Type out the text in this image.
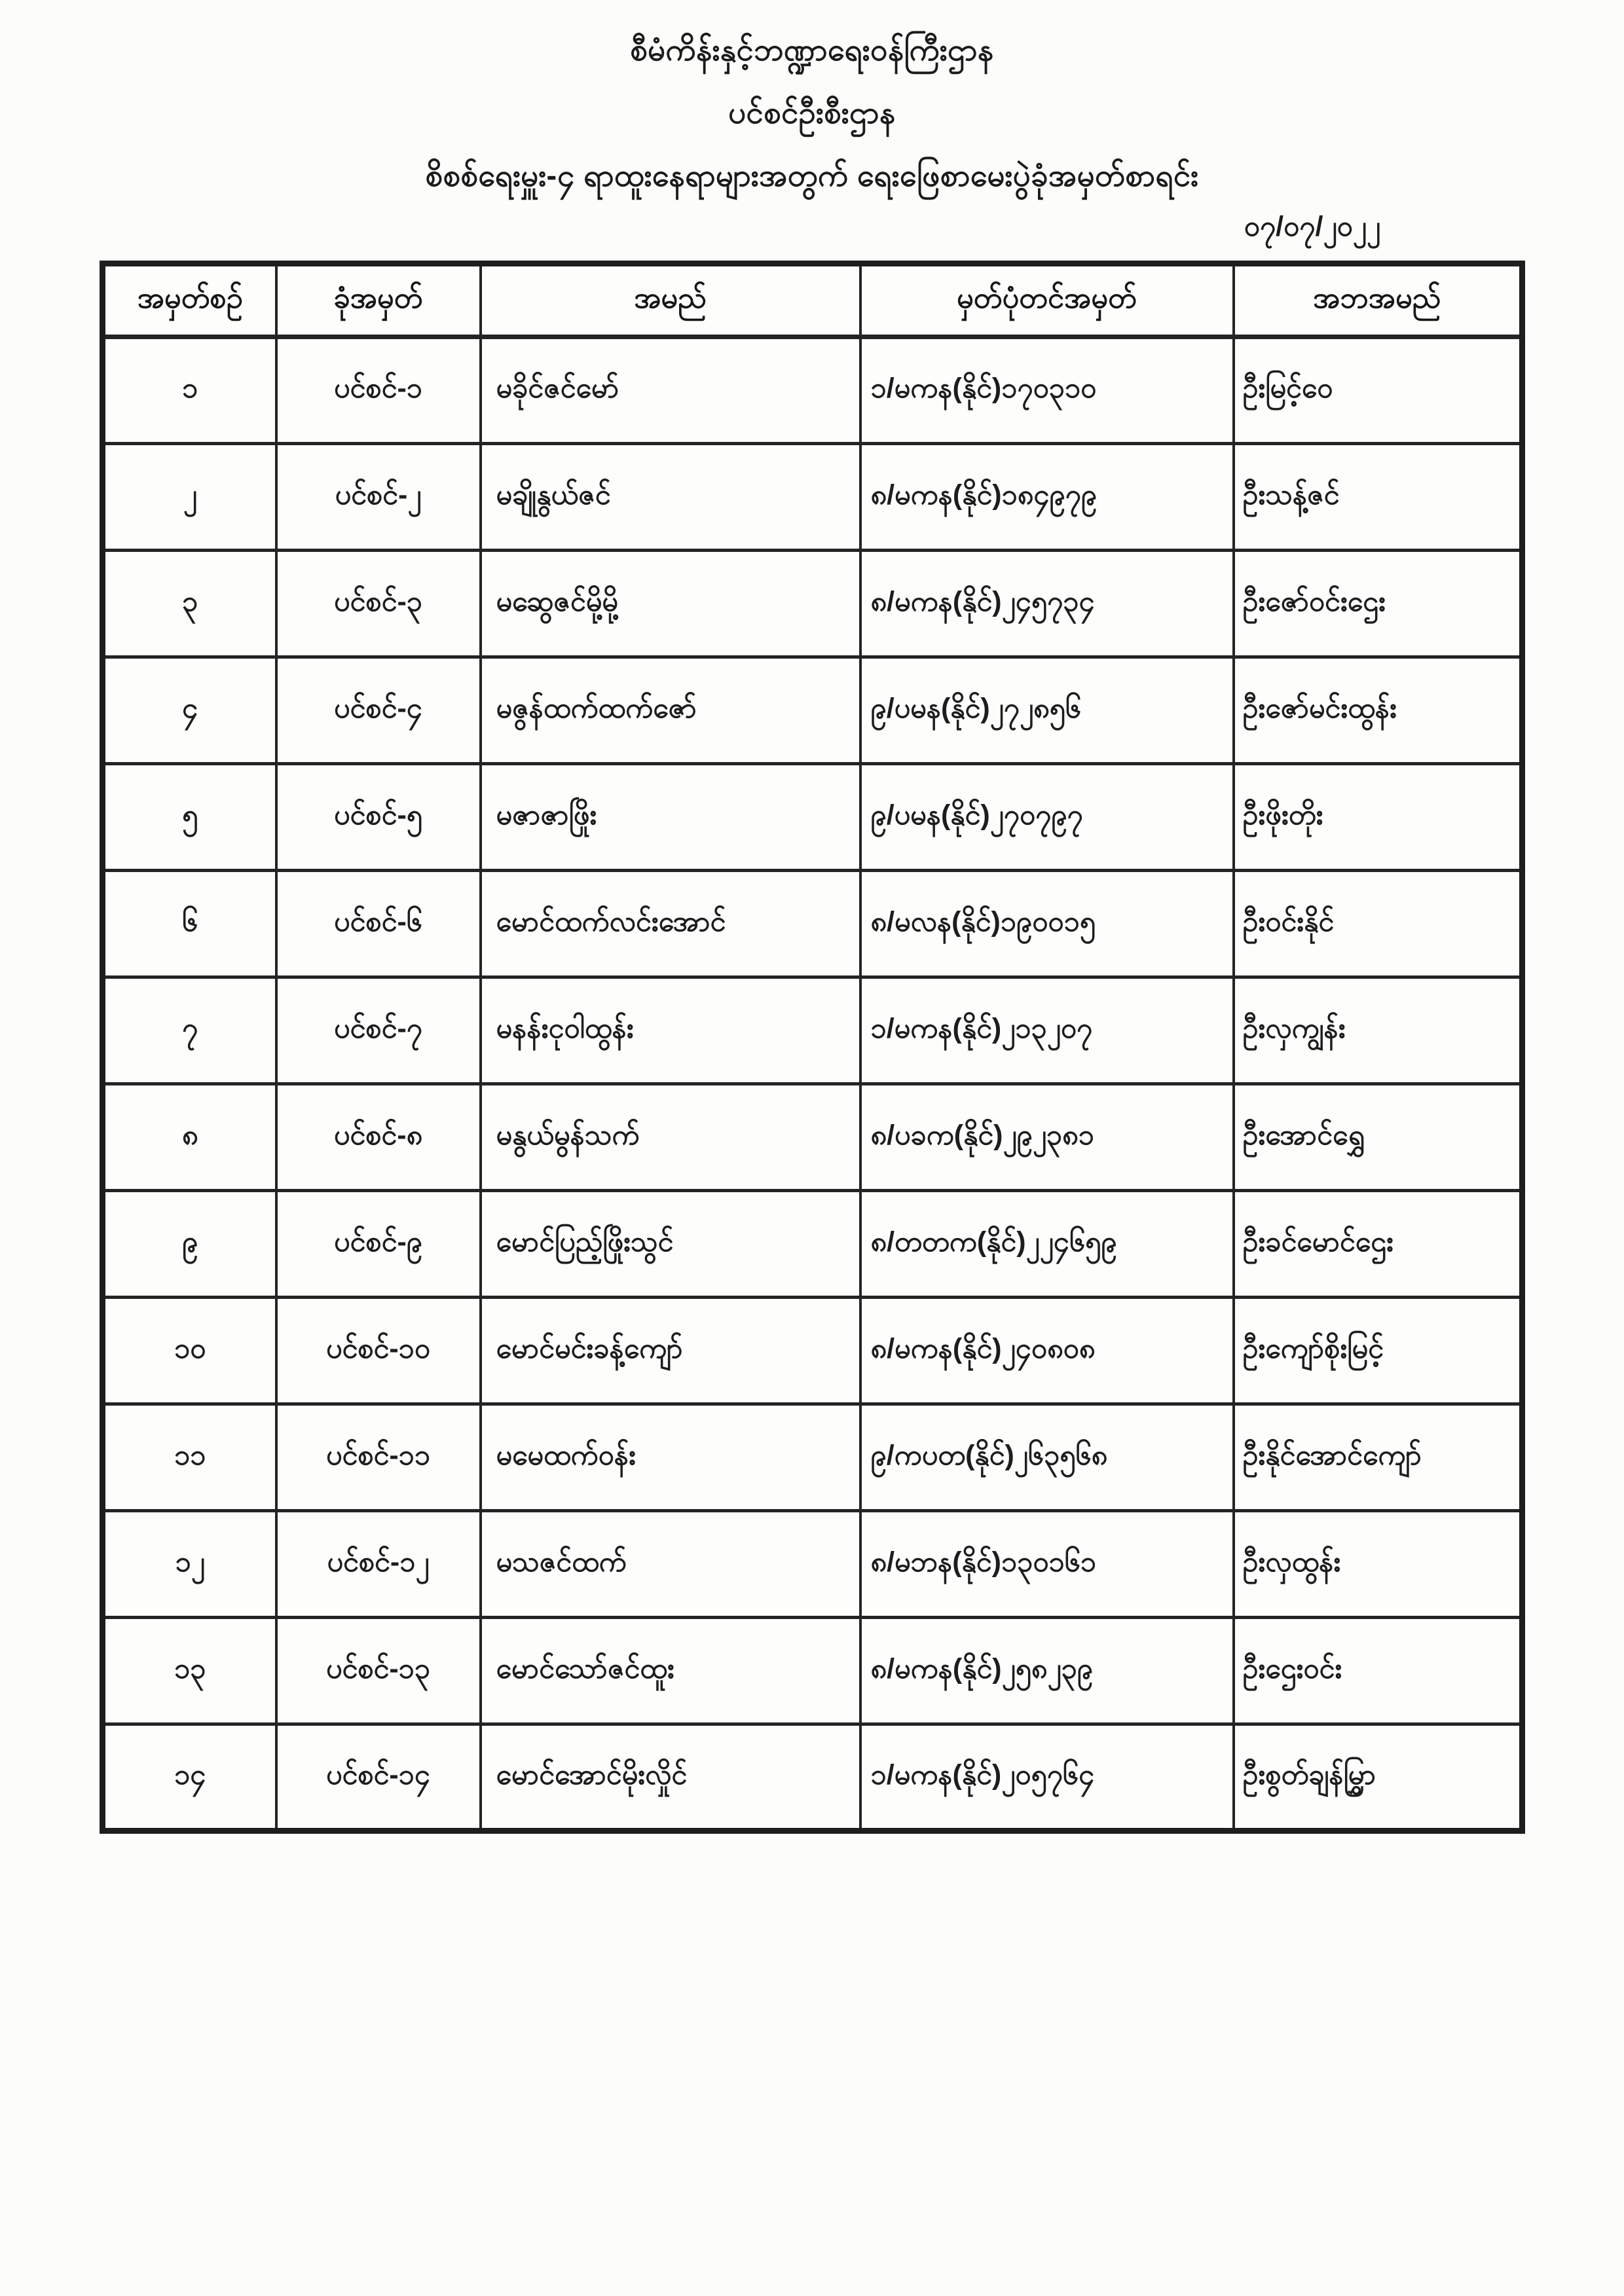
စီမံကိန်းနှင့်ဘဏ္ဍာရေးဝန်ကြီးဌာန
ပင်စင်ဦးစီးဌာန
စိစစ်ရေးမှူး-၄ ရာထူးနေရာများအတွက် ရေးဖြေစာမေးပွဲခုံအမှတ်စာရင်း
၀၇/၀၇/၂၀၂၂
အမှတ်စဉ်	ခုံအမှတ်	အမည်	မှတ်ပုံတင်အမှတ်	အဘအမည်
၁	ပင်စင်-၁	မခိုင်ဇင်မော်	၁/မကန(နိုင်)၁၇၀၃၁၀	ဦးမြင့်ဝေ
၂	ပင်စင်-၂	မချိုနွယ်ဇင်	၈/မကန(နိုင်)၁၈၄၉၇၉	ဦးသန့်ဇင်
၃	ပင်စင်-၃	မဆွေဇင်မို့မို့	၈/မကန(နိုင်)၂၄၅၇၃၄	ဦးဇော်ဝင်းဌေး
၄	ပင်စင်-၄	မဇွန်ထက်ထက်ဇော်	၉/ပမန(နိုင်)၂၇၂၈၅၆	ဦးဇော်မင်းထွန်း
၅	ပင်စင်-၅	မဇာဇာဖြိုး	၉/ပမန(နိုင်)၂၇၀၇၉၇	ဦးဖိုးတိုး
၆	ပင်စင်-၆	မောင်ထက်လင်းအောင်	၈/မလန(နိုင်)၁၉၀၀၁၅	ဦးဝင်းနိုင်
၇	ပင်စင်-၇	မနန်းငုဝါထွန်း	၁/မကန(နိုင်)၂၁၃၂၀၇	ဦးလှကျွန်း
၈	ပင်စင်-၈	မနွယ်မွန်သက်	၈/ပခက(နိုင်)၂၉၂၃၈၁	ဦးအောင်ရွှေ
၉	ပင်စင်-၉	မောင်ပြည့်ဖြိုးသွင်	၈/တတက(နိုင်)၂၂၄၆၅၉	ဦးခင်မောင်ဌေး
၁၀	ပင်စင်-၁၀	မောင်မင်းခန့်ကျော်	၈/မကန(နိုင်)၂၄၀၈၀၈	ဦးကျော်စိုးမြင့်
၁၁	ပင်စင်-၁၁	မမေထက်ဝန်း	၉/ကပတ(နိုင်)၂၆၃၅၆၈	ဦးနိုင်အောင်ကျော်
၁၂	ပင်စင်-၁၂	မသဇင်ထက်	၈/မဘန(နိုင်)၁၃၀၁၆၁	ဦးလှထွန်း
၁၃	ပင်စင်-၁၃	မောင်သော်ဇင်ထူး	၈/မကန(နိုင်)၂၅၈၂၃၉	ဦးဌေးဝင်း
၁၄	ပင်စင်-၁၄	မောင်အောင်မိုးလှိုင်	၁/မကန(နိုင်)၂၀၅၇၆၄	ဦးစွတ်ချန်မြွှာ
